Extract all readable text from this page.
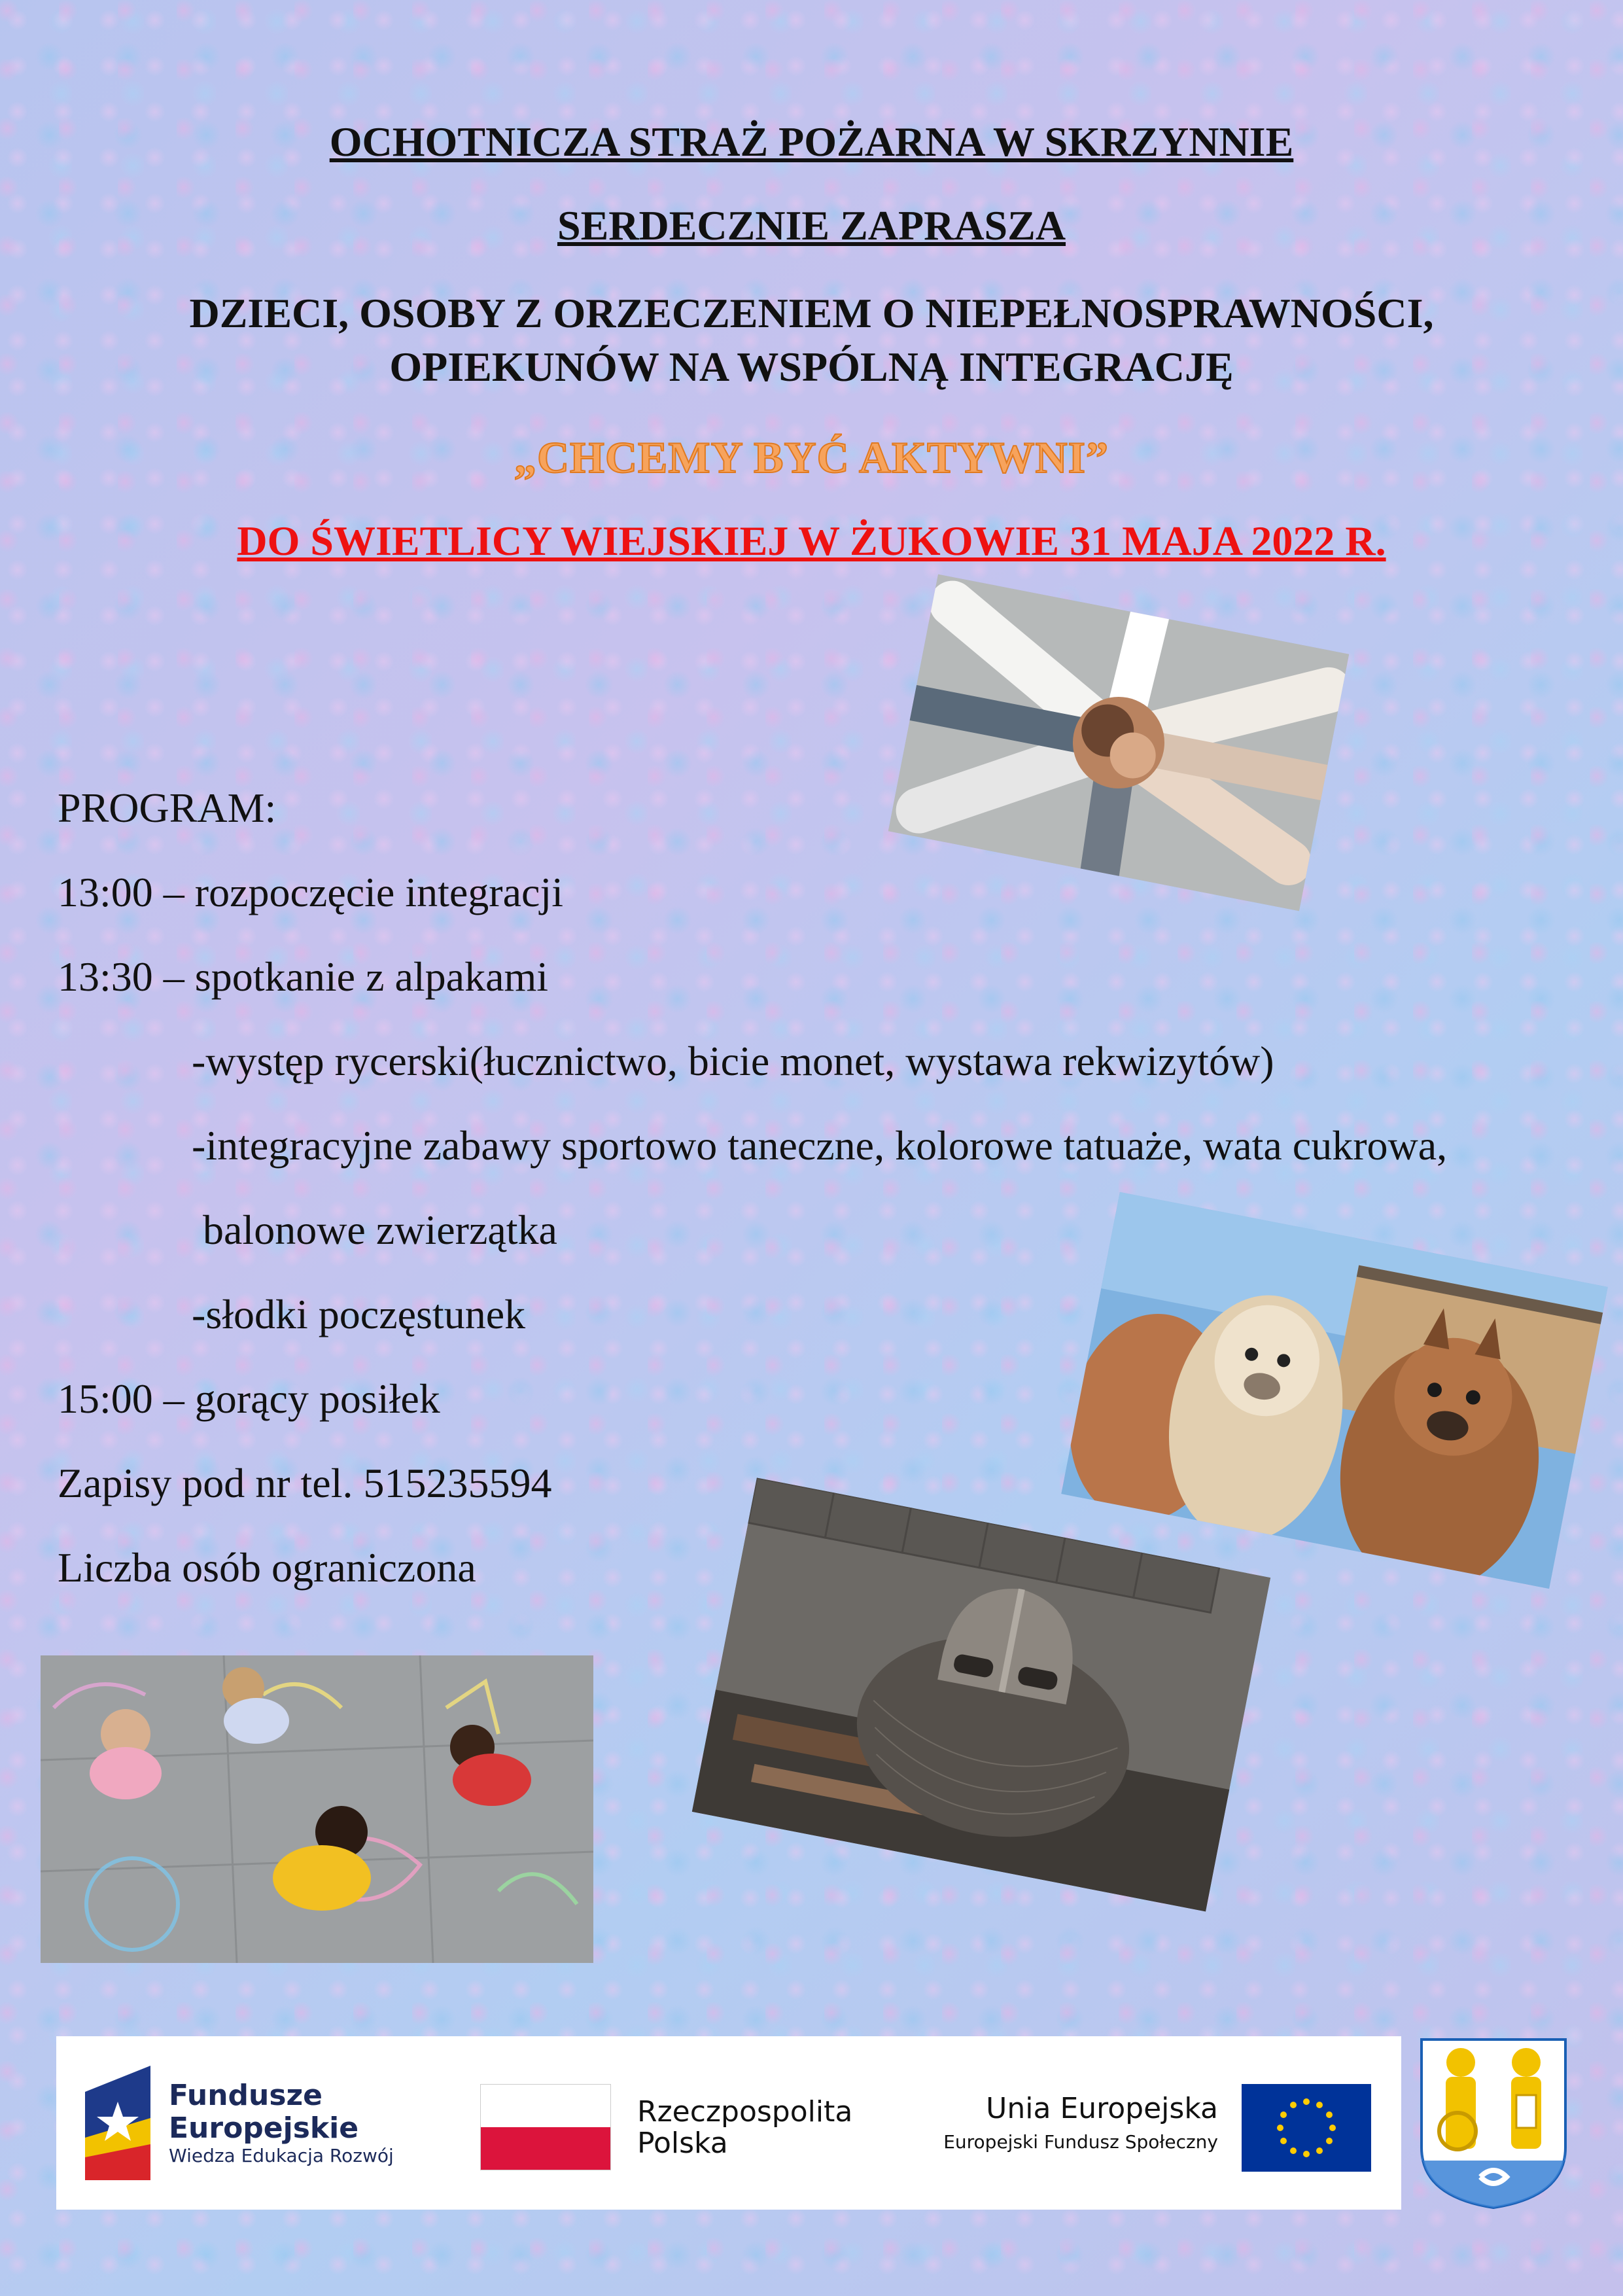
OCHOTNICZA STRAŻ POŻARNA W SKRZYNNIE
SERDECZNIE ZAPRASZA
DZIECI, OSOBY Z ORZECZENIEM O NIEPEŁNOSPRAWNOŚCI,
OPIEKUNÓW NA WSPÓLNĄ INTEGRACJĘ
„CHCEMY BYĆ AKTYWNI”
DO ŚWIETLICY WIEJSKIEJ W ŻUKOWIE 31 MAJA 2022 R.
PROGRAM:
13:00 – rozpoczęcie integracji
13:30 – spotkanie z alpakami
-występ rycerski(łucznictwo, bicie monet, wystawa rekwizytów)
-integracyjne zabawy sportowo taneczne, kolorowe tatuaże, wata cukrowa,
balonowe zwierzątka
-słodki poczęstunek
15:00 – gorący posiłek
Zapisy pod nr tel. 515235594
Liczba osób ograniczona
Fundusze
Europejskie
Wiedza Edukacja Rozwój
Rzeczpospolita
Polska
Unia Europejska
Europejski Fundusz Społeczny
